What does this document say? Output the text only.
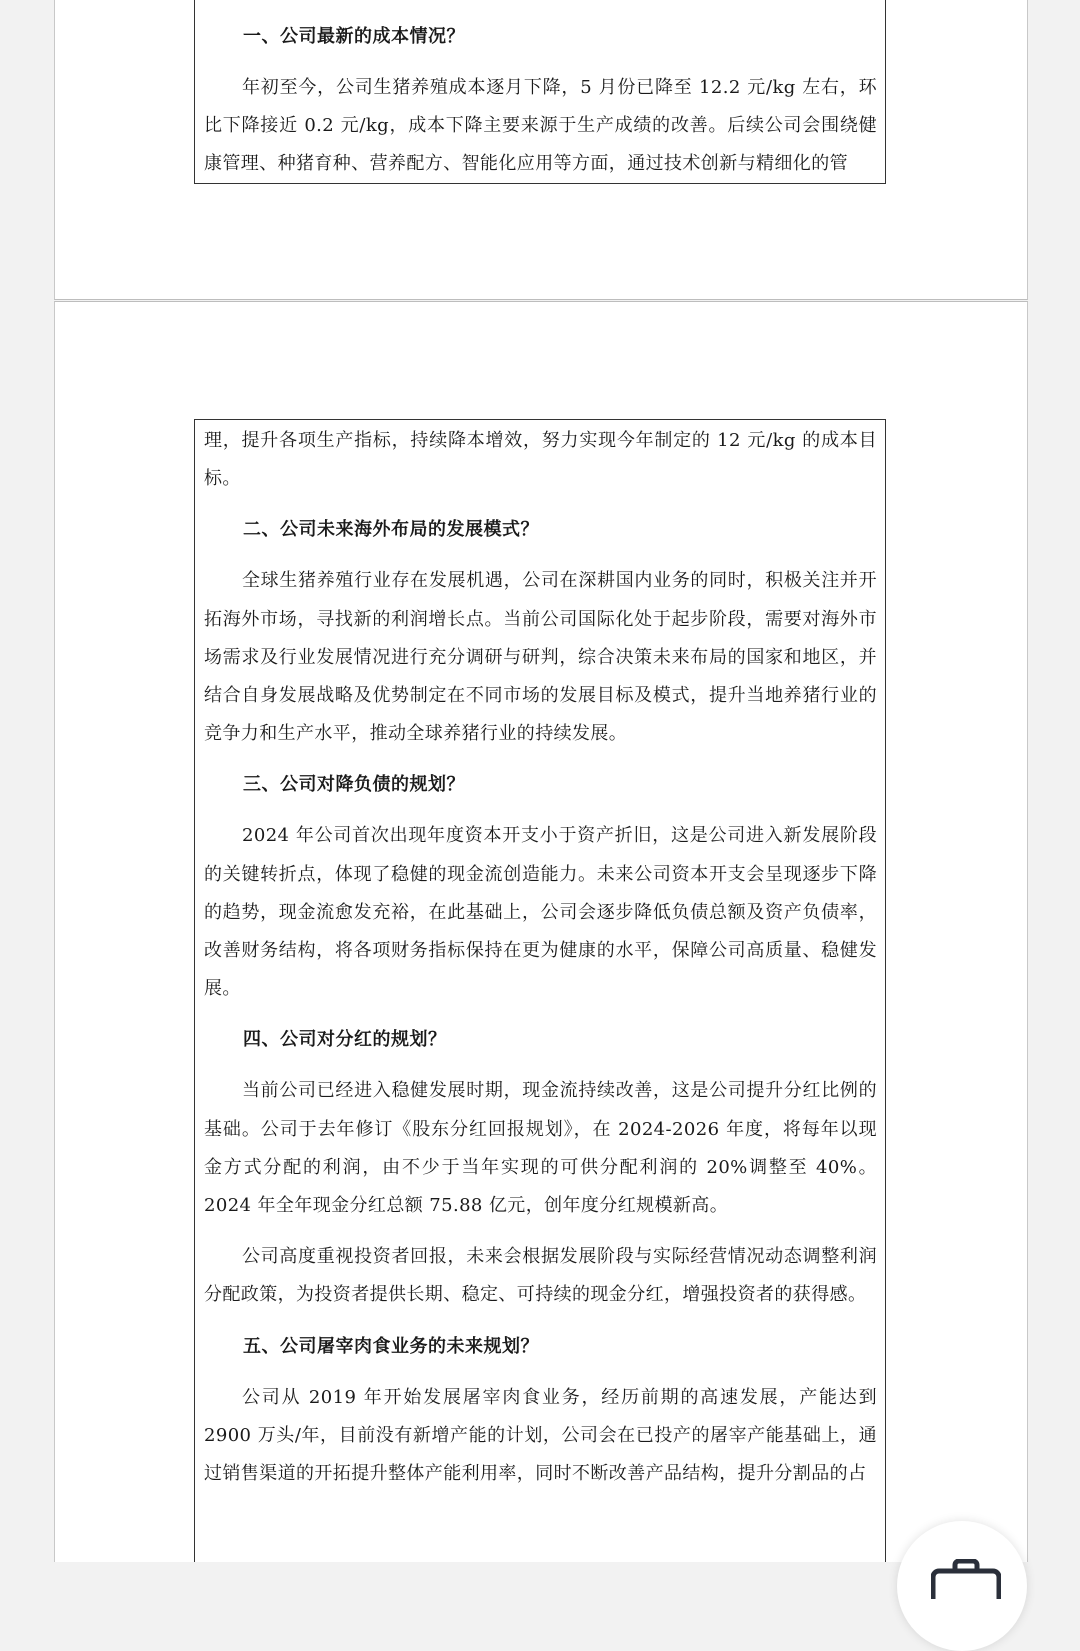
一、公司最新的成本情况？

年初至今，公司生猪养殖成本逐月下降，5 月份已降至 12.2 元/kg 左右，环比下降接近 0.2 元/kg，成本下降主要来源于生产成绩的改善。后续公司会围绕健康管理、种猪育种、营养配方、智能化应用等方面，通过技术创新与精细化的管

理，提升各项生产指标，持续降本增效，努力实现今年制定的 12 元/kg 的成本目标。

二、公司未来海外布局的发展模式？

全球生猪养殖行业存在发展机遇，公司在深耕国内业务的同时，积极关注并开拓海外市场，寻找新的利润增长点。当前公司国际化处于起步阶段，需要对海外市场需求及行业发展情况进行充分调研与研判，综合决策未来布局的国家和地区，并结合自身发展战略及优势制定在不同市场的发展目标及模式，提升当地养猪行业的竞争力和生产水平，推动全球养猪行业的持续发展。

三、公司对降负债的规划？

2024 年公司首次出现年度资本开支小于资产折旧，这是公司进入新发展阶段的关键转折点，体现了稳健的现金流创造能力。未来公司资本开支会呈现逐步下降的趋势，现金流愈发充裕，在此基础上，公司会逐步降低负债总额及资产负债率，改善财务结构，将各项财务指标保持在更为健康的水平，保障公司高质量、稳健发展。

四、公司对分红的规划？

当前公司已经进入稳健发展时期，现金流持续改善，这是公司提升分红比例的基础。公司于去年修订《股东分红回报规划》，在 2024-2026 年度，将每年以现金方式分配的利润，由不少于当年实现的可供分配利润的 20%调整至 40%。2024 年全年现金分红总额 75.88 亿元，创年度分红规模新高。

公司高度重视投资者回报，未来会根据发展阶段与实际经营情况动态调整利润分配政策，为投资者提供长期、稳定、可持续的现金分红，增强投资者的获得感。

五、公司屠宰肉食业务的未来规划？

公司从 2019 年开始发展屠宰肉食业务，经历前期的高速发展，产能达到 2900 万头/年，目前没有新增产能的计划，公司会在已投产的屠宰产能基础上，通过销售渠道的开拓提升整体产能利用率，同时不断改善产品结构，提升分割品的占
